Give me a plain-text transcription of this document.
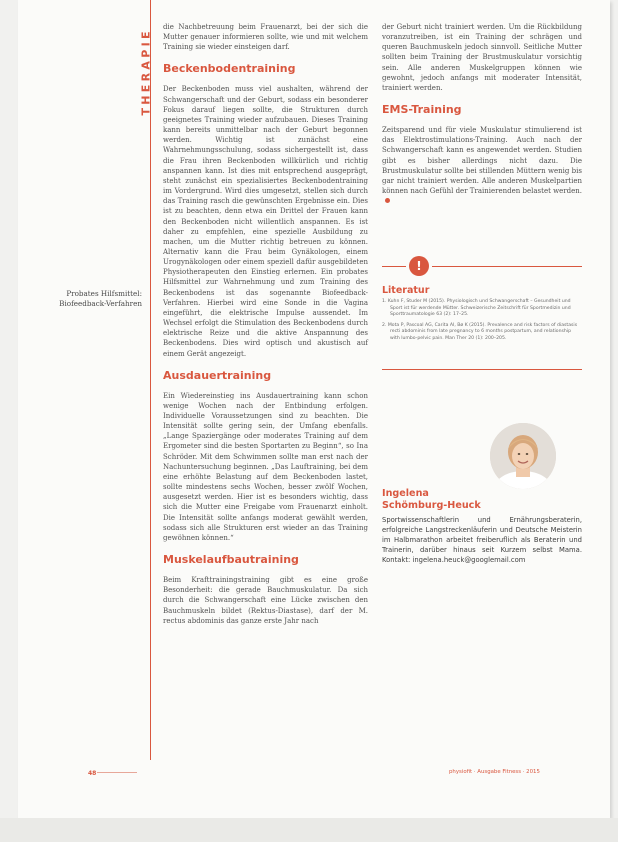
THERAPIE
Probates Hilfsmittel: Biofeedback-Verfahren

die Nachbetreuung beim Frauenarzt, bei der sich die Mutter genauer informieren sollte, wie und mit welchem Training sie wieder einsteigen darf.

Beckenbodentraining

Der Beckenboden muss viel aushalten, während der Schwangerschaft und der Geburt, sodass ein besonderer Fokus darauf liegen sollte, die Strukturen durch geeignetes Training wieder aufzubauen. Dieses Training kann bereits unmittelbar nach der Geburt begonnen werden. Wichtig ist zunächst eine Wahrnehmungsschulung, sodass sichergestellt ist, dass die Frau ihren Beckenboden willkürlich und richtig anspannen kann. Ist dies mit entsprechend ausgeprägt, steht zunächst ein spezialisiertes Beckenbodentraining im Vordergrund. Wird dies umgesetzt, stellen sich durch das Training rasch die gewünschten Ergebnisse ein. Dies ist zu beachten, denn etwa ein Drittel der Frauen kann den Beckenboden nicht willentlich anspannen. Es ist daher zu empfehlen, eine spezielle Ausbildung zu machen, um die Mutter richtig betreuen zu können. Alternativ kann die Frau beim Gynäkologen, einem Urogynäkologen oder einem speziell dafür ausgebildeten Physiotherapeuten den Einstieg erlernen. Ein probates Hilfsmittel zur Wahrnehmung und zum Training des Beckenbodens ist das sogenannte Biofeedback-Verfahren. Hierbei wird eine Sonde in die Vagina eingeführt, die elektrische Impulse aussendet. Im Wechsel erfolgt die Stimulation des Beckenbodens durch elektrische Reize und die aktive Anspannung des Beckenbodens. Dies wird optisch und akustisch auf einem Gerät angezeigt.

Ausdauertraining

Ein Wiedereinstieg ins Ausdauertraining kann schon wenige Wochen nach der Entbindung erfolgen. Individuelle Voraussetzungen sind zu beachten. Die Intensität sollte gering sein, der Umfang ebenfalls. „Lange Spaziergänge oder moderates Training auf dem Ergometer sind die besten Sportarten zu Beginn“, so Ina Schröder. Mit dem Schwimmen sollte man erst nach der Nachuntersuchung beginnen. „Das Lauftraining, bei dem eine erhöhte Belastung auf dem Beckenboden lastet, sollte mindestens sechs Wochen, besser zwölf Wochen, ausgesetzt werden. Hier ist es besonders wichtig, dass sich die Mutter eine Freigabe vom Frauenarzt einholt. Die Intensität sollte anfangs moderat gewählt werden, sodass sich alle Strukturen erst wieder an das Training gewöhnen können.“

Muskelaufbautraining

Beim Krafttrainingstraining gibt es eine große Besonderheit: die gerade Bauchmuskulatur. Da sich durch die Schwangerschaft eine Lücke zwischen den Bauchmuskeln bildet (Rektus-Diastase), darf der M. rectus abdominis das ganze erste Jahr nach

der Geburt nicht trainiert werden. Um die Rückbildung voranzutreiben, ist ein Training der schrägen und queren Bauchmuskeln jedoch sinnvoll. Seitliche Mutter sollten beim Training der Brustmuskulatur vorsichtig sein. Alle anderen Muskelgruppen können wie gewohnt, jedoch anfangs mit moderater Intensität, trainiert werden.

EMS-Training

Zeitsparend und für viele Muskulatur stimulierend ist das Elektrostimulations-Training. Auch nach der Schwangerschaft kann es angewendet werden. Studien gibt es bisher allerdings nicht dazu. Die Brustmuskulatur sollte bei stillenden Müttern wenig bis gar nicht trainiert werden. Alle anderen Muskelpartien können nach Gefühl der Trainierenden belastet werden.

!
Literatur
1. Kuhn F, Studer M (2015). Physiologisch und Schwangerschaft – Gesundheit und Sport ist für werdende Mütter. Schweizerische Zeitschrift für Sportmedizin und Sporttraumatologie 63 (2): 17–25.
2. Mota P, Pascoal AG, Carita AI, Bø K (2015). Prevalence and risk factors of diastasis recti abdominis from late pregnancy to 6 months postpartum, and relationship with lumbo-pelvic pain. Man Ther 20 (1): 200–205.
Ingelena
Schömburg-Heuck
Sportwissenschaftlerin und Ernährungsberaterin, erfolgreiche Langstreckenläuferin und Deutsche Meisterin im Halbmarathon arbeitet freiberuflich als Beraterin und Trainerin, darüber hinaus seit Kurzem selbst Mama. Kontakt: ingelena.heuck@googlemail.com
48	physiofit · Ausgabe Fitness · 2015
